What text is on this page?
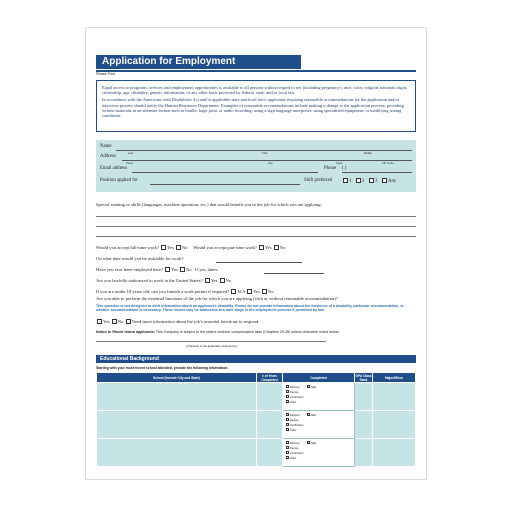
Application for Employment
Please Print

Equal access to programs, services and employment opportunities is available to all persons without regard to sex (including pregnancy), race, color, religion, national origin, citizenship, age, disability, genetic information, or any other basis protected by federal, state, and/or local law.

In accordance with the Americans with Disabilities Act and/or applicable state and local laws, applicants requiring reasonable accommodations for the application and/or interview process should notify the Human Resources Department. Examples of reasonable accommodations include making a change to the application process; providing written materials in an alternate format such as braille, large print, or audio recording; using a sign language interpreter; using specialized equipment; or modifying testing conditions.

Name
Last	First	Middle
Address
Street	City	State	ZIP Code
Email address	Phone ( )
Position applied for	Shift preferred	1 2 3 Any
Special training or skills (languages, machine operation, etc.) that would benefit you in the job for which you are applying:
Would you accept full-time work? Yes No Would you accept part-time work? Yes No
On what date would you be available for work?
Have you ever been employed here? Yes No If yes, dates:
Are you lawfully authorized to work in the United States? Yes No
If you are under 18 years old, can you furnish a work permit if required? N/A Yes No
Are you able to perform the essential functions of the job for which you are applying (with or without reasonable accommodation)?
This question is not designed to elicit information about an applicant's disability. Please do not provide information about the existence of a disability, particular accommodation, or whether accommodation is necessary. These issues may be addressed at a later stage in the employment process if permitted by law.
Yes No Need more information about the job's essential functions to respond.
Notice to Rhode Island applicants: This Company is subject to the state's workers' compensation laws (Chapters 29-38) unless otherwise noted below:
(Character to the applicable employer(s))
Educational Background
Starting with your most recent school attended, provide the following information.
School (Include City and State)	# of Years Completed	Completed	GPA Class Rank	Major/Minor

		Diploma GED
Degree
Certification
Other		

		Diploma GED
Degree
Certification
Other		

		Diploma GED
Degree
Certification
Other		
